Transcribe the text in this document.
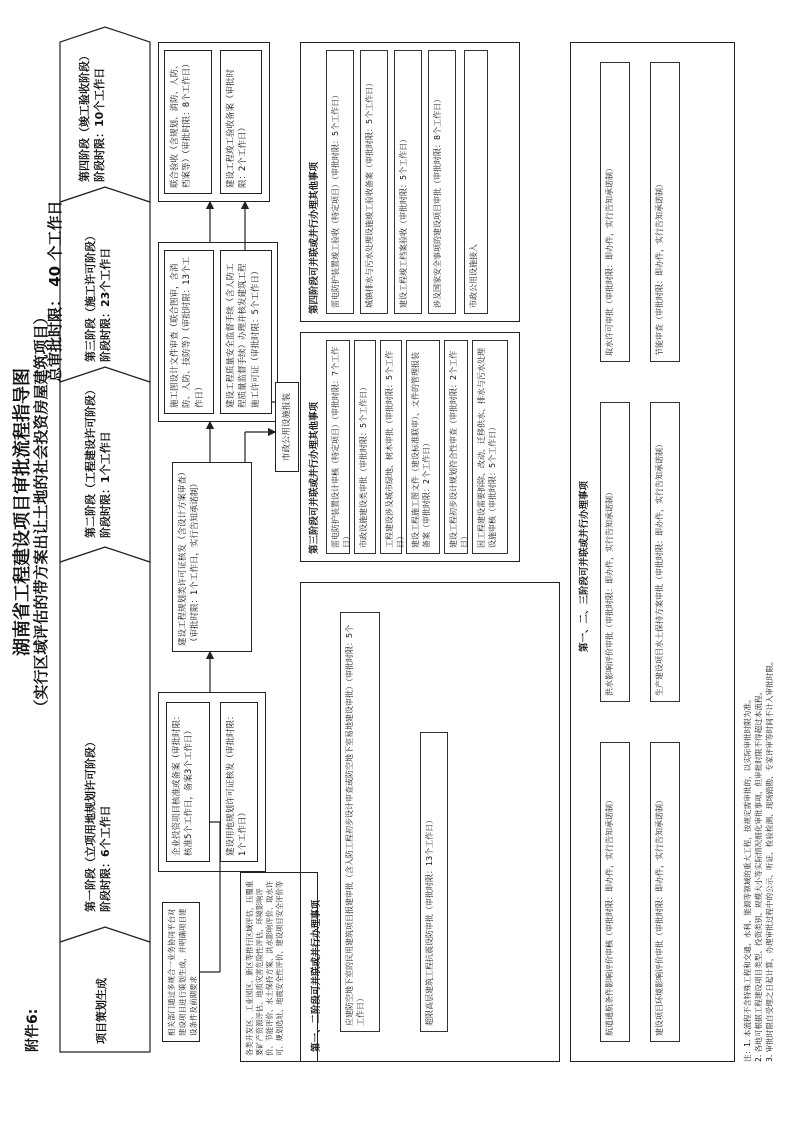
附件6:
湖南省工程建设项目审批流程指导图 （实行区域评估的带方案出让土地的社会投资房屋建筑项目）
总审批时限： 40 个工作日
项目策划生成
第一阶段（立项用地规划许可阶段） 阶段时限：6个工作日
第二阶段（工程建设许可阶段） 阶段时限：1个工作日
第三阶段（施工许可阶段） 阶段时限：23个工作日
第四阶段（竣工验收阶段） 阶段时限：10个工作日
相关部门通过多规合一业务协同平台对建设项目进行策划生成，并明确项目建设条件及前期要求	各类开发区、工业园区、新区等推行区域评估，压覆重要矿产资源评估、地质灾害危险性评估、环境影响评价、节能评价、水土保持方案、洪水影响评价、取水许可、规划选址、地震安全性评价、建设项目安全评价等
企业投资项目核准或备案（审批时限：核准5个工作日，备案3个工作日）	建设用地规划许可证核发（审批时限：1个工作日）
建设工程规划类许可证核发（含设计方案审查）（审批时限：1个工作日，实行告知承诺制）
施工图设计文件审查（联合图审，含消防、人防、技防等）（审批时限：13个工作日）	建设工程质量安全监督手续（含人防工程质量监督手续）办理并核发建筑工程施工许可证（审批时限：5个工作日）
市政公用设施报装
联合验收（含规划、消防、人防、档案等）（审批时限：8个工作日）	建设工程竣工验收备案（审批时限：2个工作日）
第一、二阶段可并联或并行办理事项	应建防空地下室的民用建筑项目报建审批（含人防工程初步设计审查或防空地下室易地建设审批）（审批时限：5个工作日）	超限高层建筑工程抗震设防审批（审批时限：13个工作日）
第三阶段可并联或并行办理其他事项	雷电防护装置设计审核（特定项目）（审批时限：7个工作日） 市政设施建设类审批（审批时限：5个工作日）	工程建设涉及城市绿地、树木审批（审批时限：5个工作日） 建设工程施工图文件（建设标准联审）、文件的管理报装备案（审批时限：2个工作日）	建设工程初步设计规划符合性审查（审批时限：2个工作日） 因工程建设需要拆除、改动、迁移供水、排水与污水处理设施审核（审批时限：5个工作日）
第四阶段可并联或并行办理其他事项	雷电防护装置竣工验收（特定项目）（审批时限：5个工作日）	城镇排水与污水处理设施竣工验收备案（审批时限：5个工作日）	建设工程竣工档案验收（审批时限：5个工作日）	涉及国家安全事项的建设项目审批（审批时限：8个工作日）	市政公用设施接入
第一、二、三阶段可并联或并行办理事项
航道通航条件影响评价审核（审批时限：即办件，实行告知承诺制）	建设项目环境影响评价审批（审批时限：即办件，实行告知承诺制）
洪水影响评价审批（审批时限：即办件，实行告知承诺制）	生产建设项目水土保持方案审批（审批时限：即办件，实行告知承诺制）
取水许可审批（审批时限：即办件，实行告知承诺制）	节能审查（审批时限：即办件，实行告知承诺制）
注：1. 本流程不含特殊工程和交通、水利、能源等领域的重大工程，按规定需审批的，以实际审批时限为准。 2. 各地可根据工程建设项目类型、投资类别、规模大小等实际情况细化审批事项，但审批时限不得超过本流程。 3. 审批时限自受理之日起计算，办理审批过程中的公示、听证、检验检测、现场踏勘、专家评审等时间不计入审批时限。
